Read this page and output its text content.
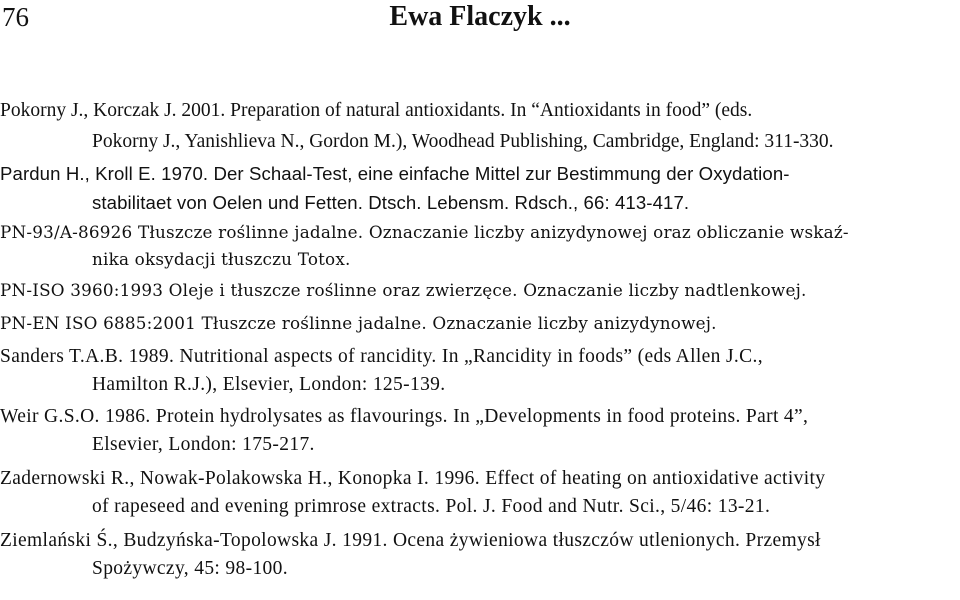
76	Ewa Flaczyk ...

Pokorny J., Korczak J. 2001. Preparation of natural antioxidants. In “Antioxidants in food” (eds.
Pokorny J., Yanishlieva N., Gordon M.), Woodhead Publishing, Cambridge, England: 311-330.

Pardun H., Kroll E. 1970. Der Schaal-Test, eine einfache Mittel zur Bestimmung der Oxydation-
stabilitaet von Oelen und Fetten. Dtsch. Lebensm. Rdsch., 66: 413-417.

PN-93/A-86926 Tłuszcze roślinne jadalne. Oznaczanie liczby anizydynowej oraz obliczanie wskaź-
nika oksydacji tłuszczu Totox.

PN-ISO 3960:1993 Oleje i tłuszcze roślinne oraz zwierzęce. Oznaczanie liczby nadtlenkowej.

PN-EN ISO 6885:2001 Tłuszcze roślinne jadalne. Oznaczanie liczby anizydynowej.

Sanders T.A.B. 1989. Nutritional aspects of rancidity. In „Rancidity in foods” (eds Allen J.C.,
Hamilton R.J.), Elsevier, London: 125-139.

Weir G.S.O. 1986. Protein hydrolysates as flavourings. In „Developments in food proteins. Part 4”,
Elsevier, London: 175-217.

Zadernowski R., Nowak-Polakowska H., Konopka I. 1996. Effect of heating on antioxidative activity
of rapeseed and evening primrose extracts. Pol. J. Food and Nutr. Sci., 5/46: 13-21.

Ziemlański Ś., Budzyńska-Topolowska J. 1991. Ocena żywieniowa tłuszczów utlenionych. Przemysł
Spożywczy, 45: 98-100.
